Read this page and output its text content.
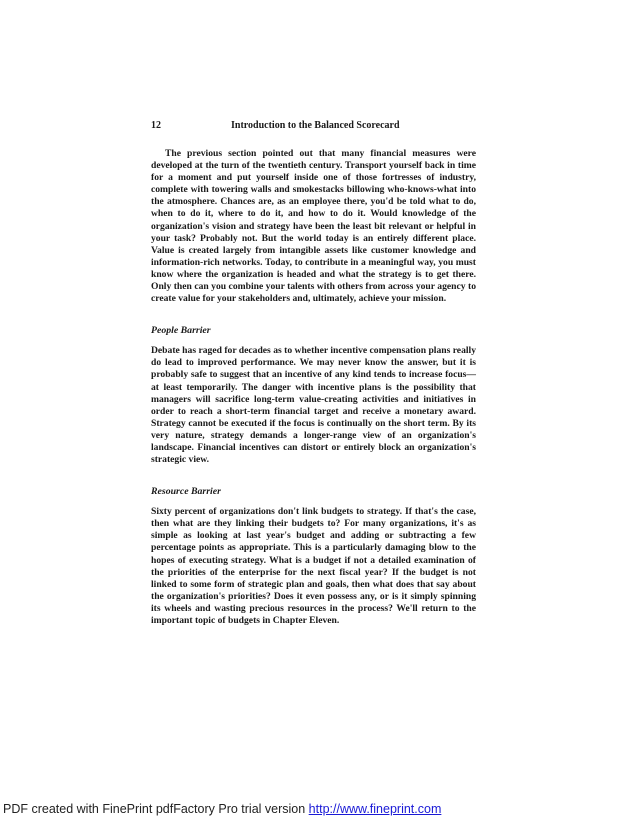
12	Introduction to the Balanced Scorecard

The previous section pointed out that many financial measures were developed at the turn of the twentieth century. Transport yourself back in time for a moment and put yourself inside one of those fortresses of industry, complete with towering walls and smokestacks billowing who-knows-what into the atmosphere. Chances are, as an employee there, you'd be told what to do, when to do it, where to do it, and how to do it. Would knowledge of the organization's vision and strategy have been the least bit relevant or helpful in your task? Probably not. But the world today is an entirely different place. Value is created largely from intangible assets like customer knowledge and information-rich networks. Today, to contribute in a meaningful way, you must know where the organization is headed and what the strategy is to get there. Only then can you combine your talents with others from across your agency to create value for your stakeholders and, ultimately, achieve your mission.

People Barrier

Debate has raged for decades as to whether incentive compensation plans really do lead to improved performance. We may never know the answer, but it is probably safe to suggest that an incentive of any kind tends to increase focus—at least temporarily. The danger with incentive plans is the possibility that managers will sacrifice long-term value-creating activities and initiatives in order to reach a short-term financial target and receive a monetary award. Strategy cannot be executed if the focus is continually on the short term. By its very nature, strategy demands a longer-range view of an organization's landscape. Financial incentives can distort or entirely block an organization's strategic view.

Resource Barrier

Sixty percent of organizations don't link budgets to strategy. If that's the case, then what are they linking their budgets to? For many organizations, it's as simple as looking at last year's budget and adding or subtracting a few percentage points as appropriate. This is a particularly damaging blow to the hopes of executing strategy. What is a budget if not a detailed examination of the priorities of the enterprise for the next fiscal year? If the budget is not linked to some form of strategic plan and goals, then what does that say about the organization's priorities? Does it even possess any, or is it simply spinning its wheels and wasting precious resources in the process? We'll return to the important topic of budgets in Chapter Eleven.

PDF created with FinePrint pdfFactory Pro trial version http://www.fineprint.com
